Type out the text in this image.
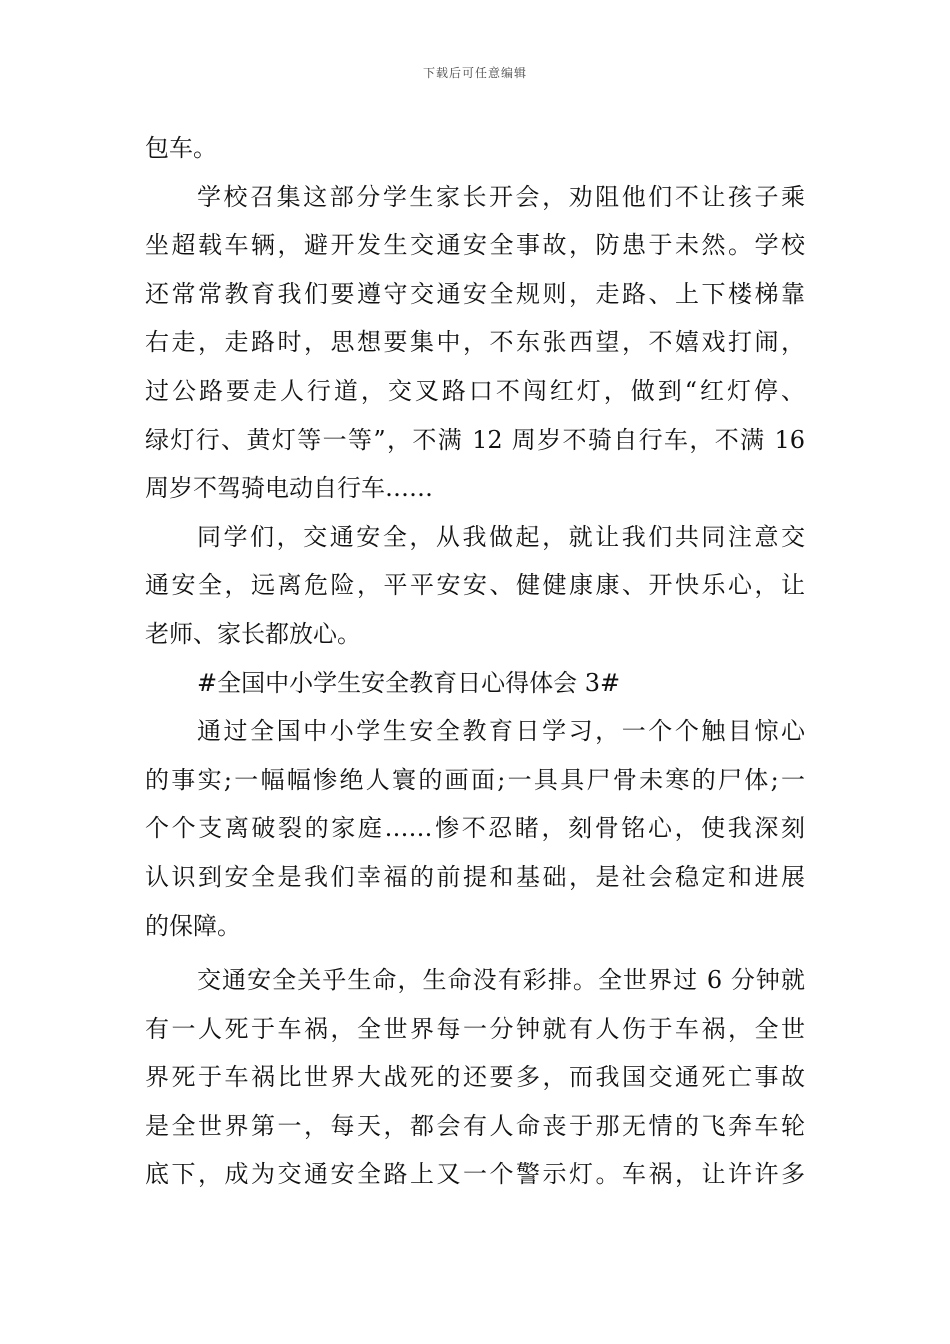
下载后可任意编辑
包车。
学校召集这部分学生家长开会，劝阻他们不让孩子乘
坐超载车辆，避开发生交通安全事故，防患于未然。学校
还常常教育我们要遵守交通安全规则，走路、上下楼梯靠
右走，走路时，思想要集中，不东张西望，不嬉戏打闹，
过公路要走人行道，交叉路口不闯红灯，做到“红灯停、
绿灯行、黄灯等一等”，不满 12 周岁不骑自行车，不满 16
周岁不驾骑电动自行车……
同学们，交通安全，从我做起，就让我们共同注意交
通安全，远离危险，平平安安、健健康康、开快乐心，让
老师、家长都放心。
#全国中小学生安全教育日心得体会 3#
通过全国中小学生安全教育日学习，一个个触目惊心
的事实;一幅幅惨绝人寰的画面;一具具尸骨未寒的尸体;一
个个支离破裂的家庭……惨不忍睹，刻骨铭心，使我深刻
认识到安全是我们幸福的前提和基础，是社会稳定和进展
的保障。
交通安全关乎生命，生命没有彩排。全世界过 6 分钟就
有一人死于车祸，全世界每一分钟就有人伤于车祸，全世
界死于车祸比世界大战死的还要多，而我国交通死亡事故
是全世界第一，每天，都会有人命丧于那无情的飞奔车轮
底下，成为交通安全路上又一个警示灯。车祸，让许许多
